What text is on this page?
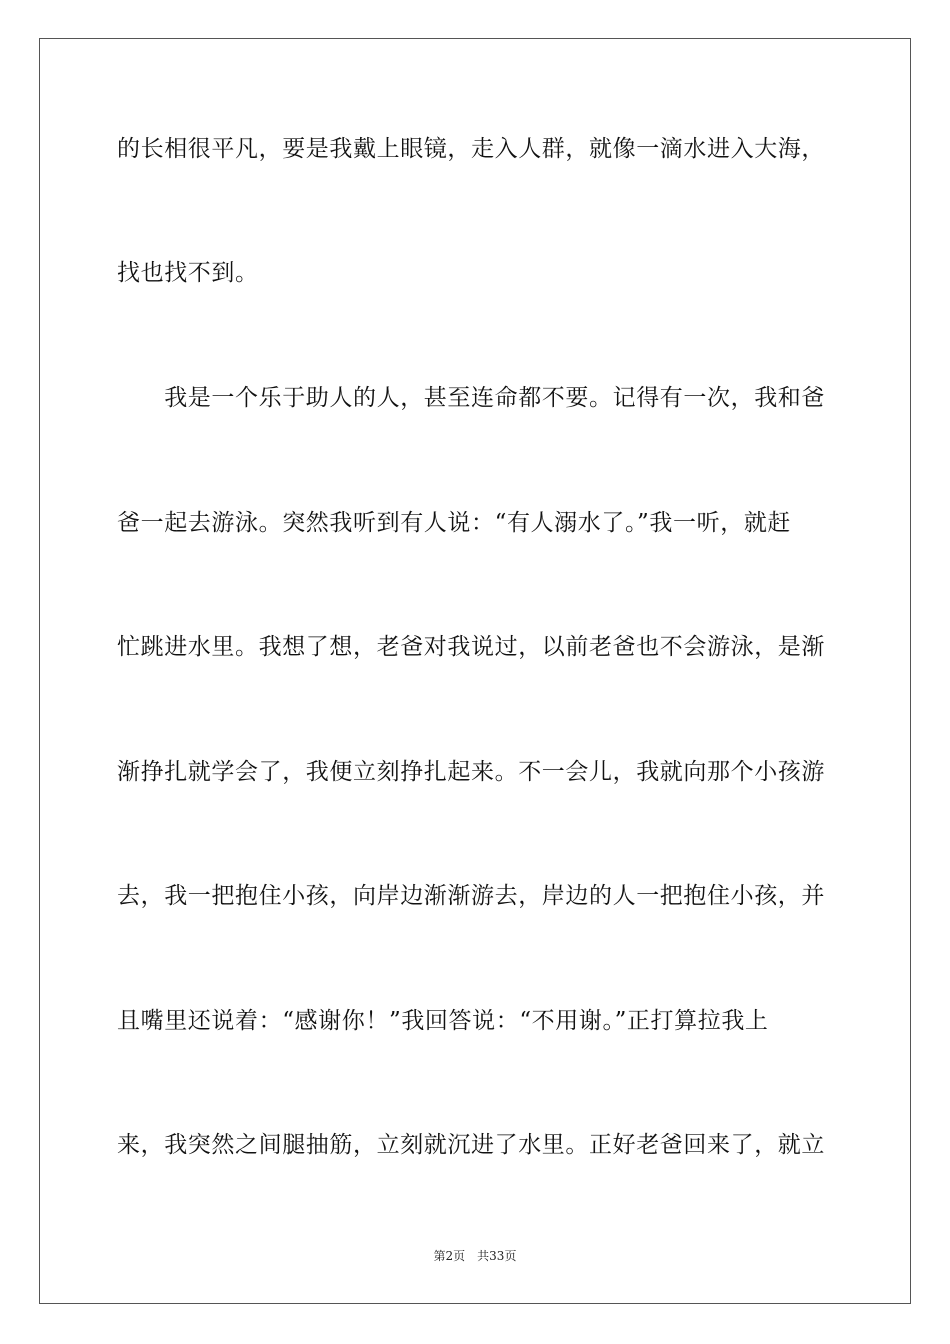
的长相很平凡，要是我戴上眼镜，走入人群，就像一滴水进入大海，
找也找不到。
　　我是一个乐于助人的人，甚至连命都不要。记得有一次，我和爸
爸一起去游泳。突然我听到有人说：“有人溺水了。”我一听，就赶
忙跳进水里。我想了想，老爸对我说过，以前老爸也不会游泳，是渐
渐挣扎就学会了，我便立刻挣扎起来。不一会儿，我就向那个小孩游
去，我一把抱住小孩，向岸边渐渐游去，岸边的人一把抱住小孩，并
且嘴里还说着：“感谢你！”我回答说：“不用谢。”正打算拉我上
来，我突然之间腿抽筋，立刻就沉进了水里。正好老爸回来了，就立
第2页 共33页
